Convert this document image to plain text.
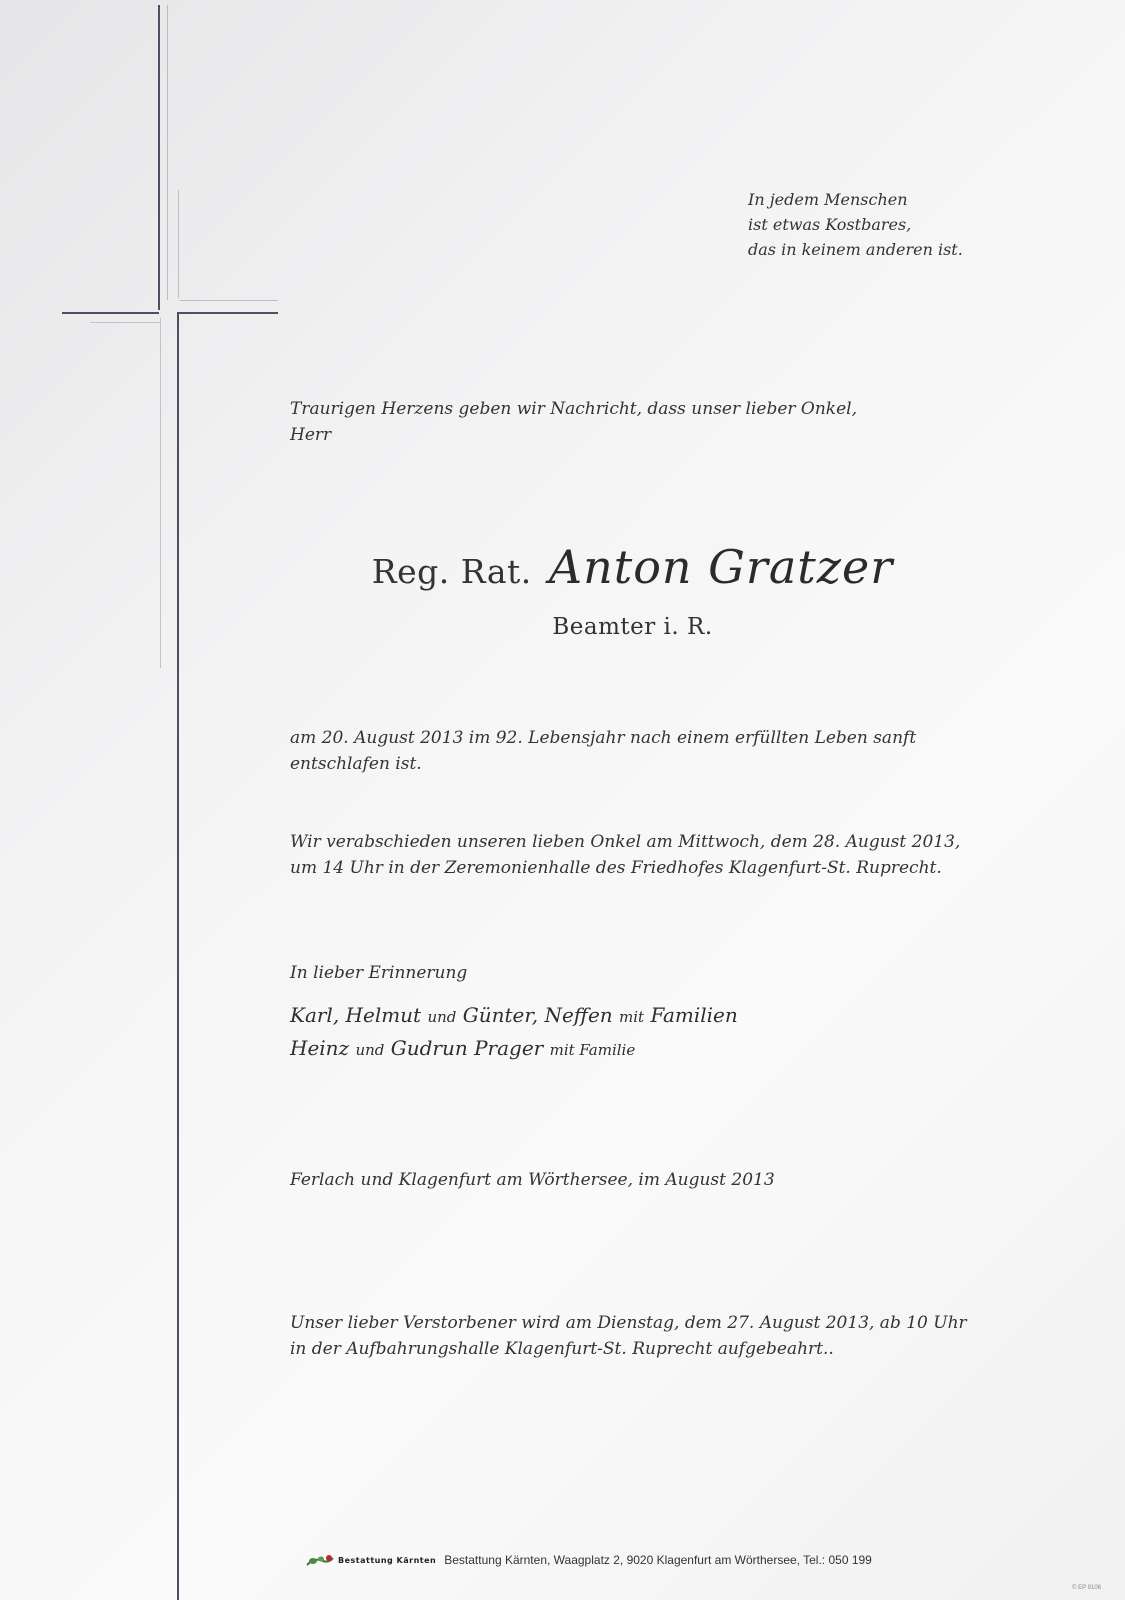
In jedem Menschen
ist etwas Kostbares,
das in keinem anderen ist.
Traurigen Herzens geben wir Nachricht, dass unser lieber Onkel,
Herr
Reg. Rat. Anton Gratzer
Beamter i. R.
am 20. August 2013 im 92. Lebensjahr nach einem erfüllten Leben sanft
entschlafen ist.
Wir verabschieden unseren lieben Onkel am Mittwoch, dem 28. August 2013,
um 14 Uhr in der Zeremonienhalle des Friedhofes Klagenfurt-St. Ruprecht.
In lieber Erinnerung
Karl, Helmut und Günter, Neffen mit Familien
Heinz und Gudrun Prager mit Familie
Ferlach und Klagenfurt am Wörthersee, im August 2013
Unser lieber Verstorbener wird am Dienstag, dem 27. August 2013, ab 10 Uhr
in der Aufbahrungshalle Klagenfurt-St. Ruprecht aufgebeahrt..
Bestattung Kärnten Bestattung Kärnten, Waagplatz 2, 9020 Klagenfurt am Wörthersee, Tel.: 050 199
© EP 9106
